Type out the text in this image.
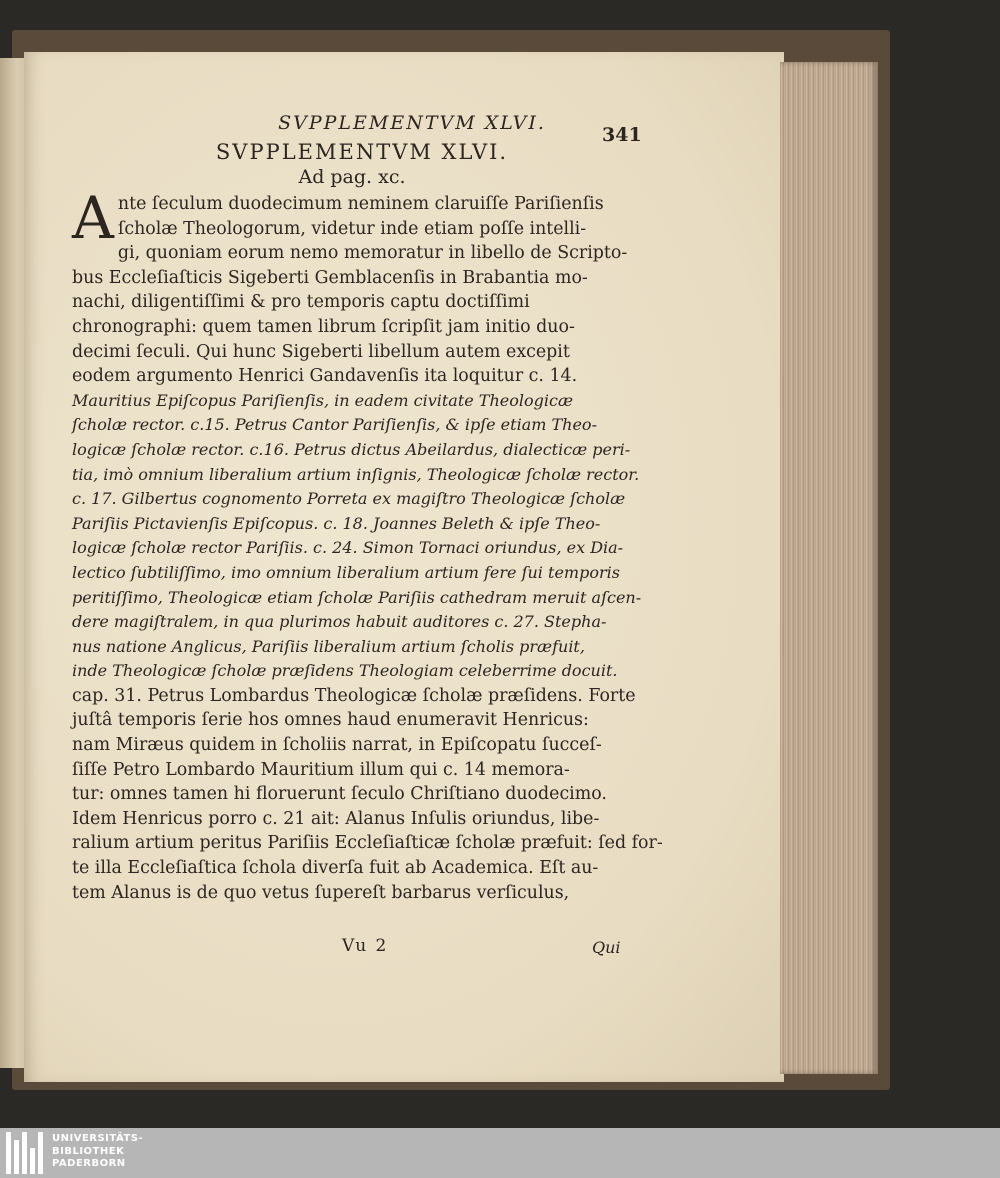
SVPPLEMENTVM XLVI.
341
SVPPLEMENTVM XLVI.
Ad pag. xc.
A nte ſeculum duodecimum neminem claruiſſe Pariſienſis
ſcholæ Theologorum, videtur inde etiam poſſe intelli-
gi, quoniam eorum nemo memoratur in libello de Scripto-
bus Eccleſiaſticis Sigeberti Gemblacenſis in Brabantia mo-
nachi, diligentiſſimi & pro temporis captu doctiſſimi
chronographi: quem tamen librum ſcripſit jam initio duo-
decimi ſeculi. Qui hunc Sigeberti libellum autem excepit
eodem argumento Henrici Gandavenſis ita loquitur c. 14.
Mauritius Epiſcopus Pariſienſis, in eadem civitate Theologicæ
ſcholæ rector. c.15. Petrus Cantor Pariſienſis, & ipſe etiam Theo-
logicæ ſcholæ rector. c.16. Petrus dictus Abeilardus, dialecticæ peri-
tia, imò omnium liberalium artium inſignis, Theologicæ ſcholæ rector.
c. 17. Gilbertus cognomento Porreta ex magiſtro Theologicæ ſcholæ
Pariſiis Pictavienſis Epiſcopus. c. 18. Joannes Beleth & ipſe Theo-
logicæ ſcholæ rector Pariſiis. c. 24. Simon Tornaci oriundus, ex Dia-
lectico ſubtiliſſimo, imo omnium liberalium artium fere ſui temporis
peritiſſimo, Theologicæ etiam ſcholæ Pariſiis cathedram meruit aſcen-
dere magiſtralem, in qua plurimos habuit auditores c. 27. Stepha-
nus natione Anglicus, Pariſiis liberalium artium ſcholis præfuit,
inde Theologicæ ſcholæ præſidens Theologiam celeberrime docuit.
cap. 31. Petrus Lombardus Theologicæ ſcholæ præſidens. Forte
juſtâ temporis ſerie hos omnes haud enumeravit Henricus:
nam Miræus quidem in ſcholiis narrat, in Epiſcopatu ſucceſ-
ſiſſe Petro Lombardo Mauritium illum qui c. 14 memora-
tur: omnes tamen hi floruerunt ſeculo Chriſtiano duodecimo.
Idem Henricus porro c. 21 ait: Alanus Inſulis oriundus, libe-
ralium artium peritus Pariſiis Eccleſiaſticæ ſcholæ præfuit: ſed for-
te illa Eccleſiaſtica ſchola diverſa fuit ab Academica. Eſt au-
tem Alanus is de quo vetus ſupereſt barbarus verſiculus,
Vu 2	Qui
UNIVERSITÄTS-
BIBLIOTHEK
PADERBORN
